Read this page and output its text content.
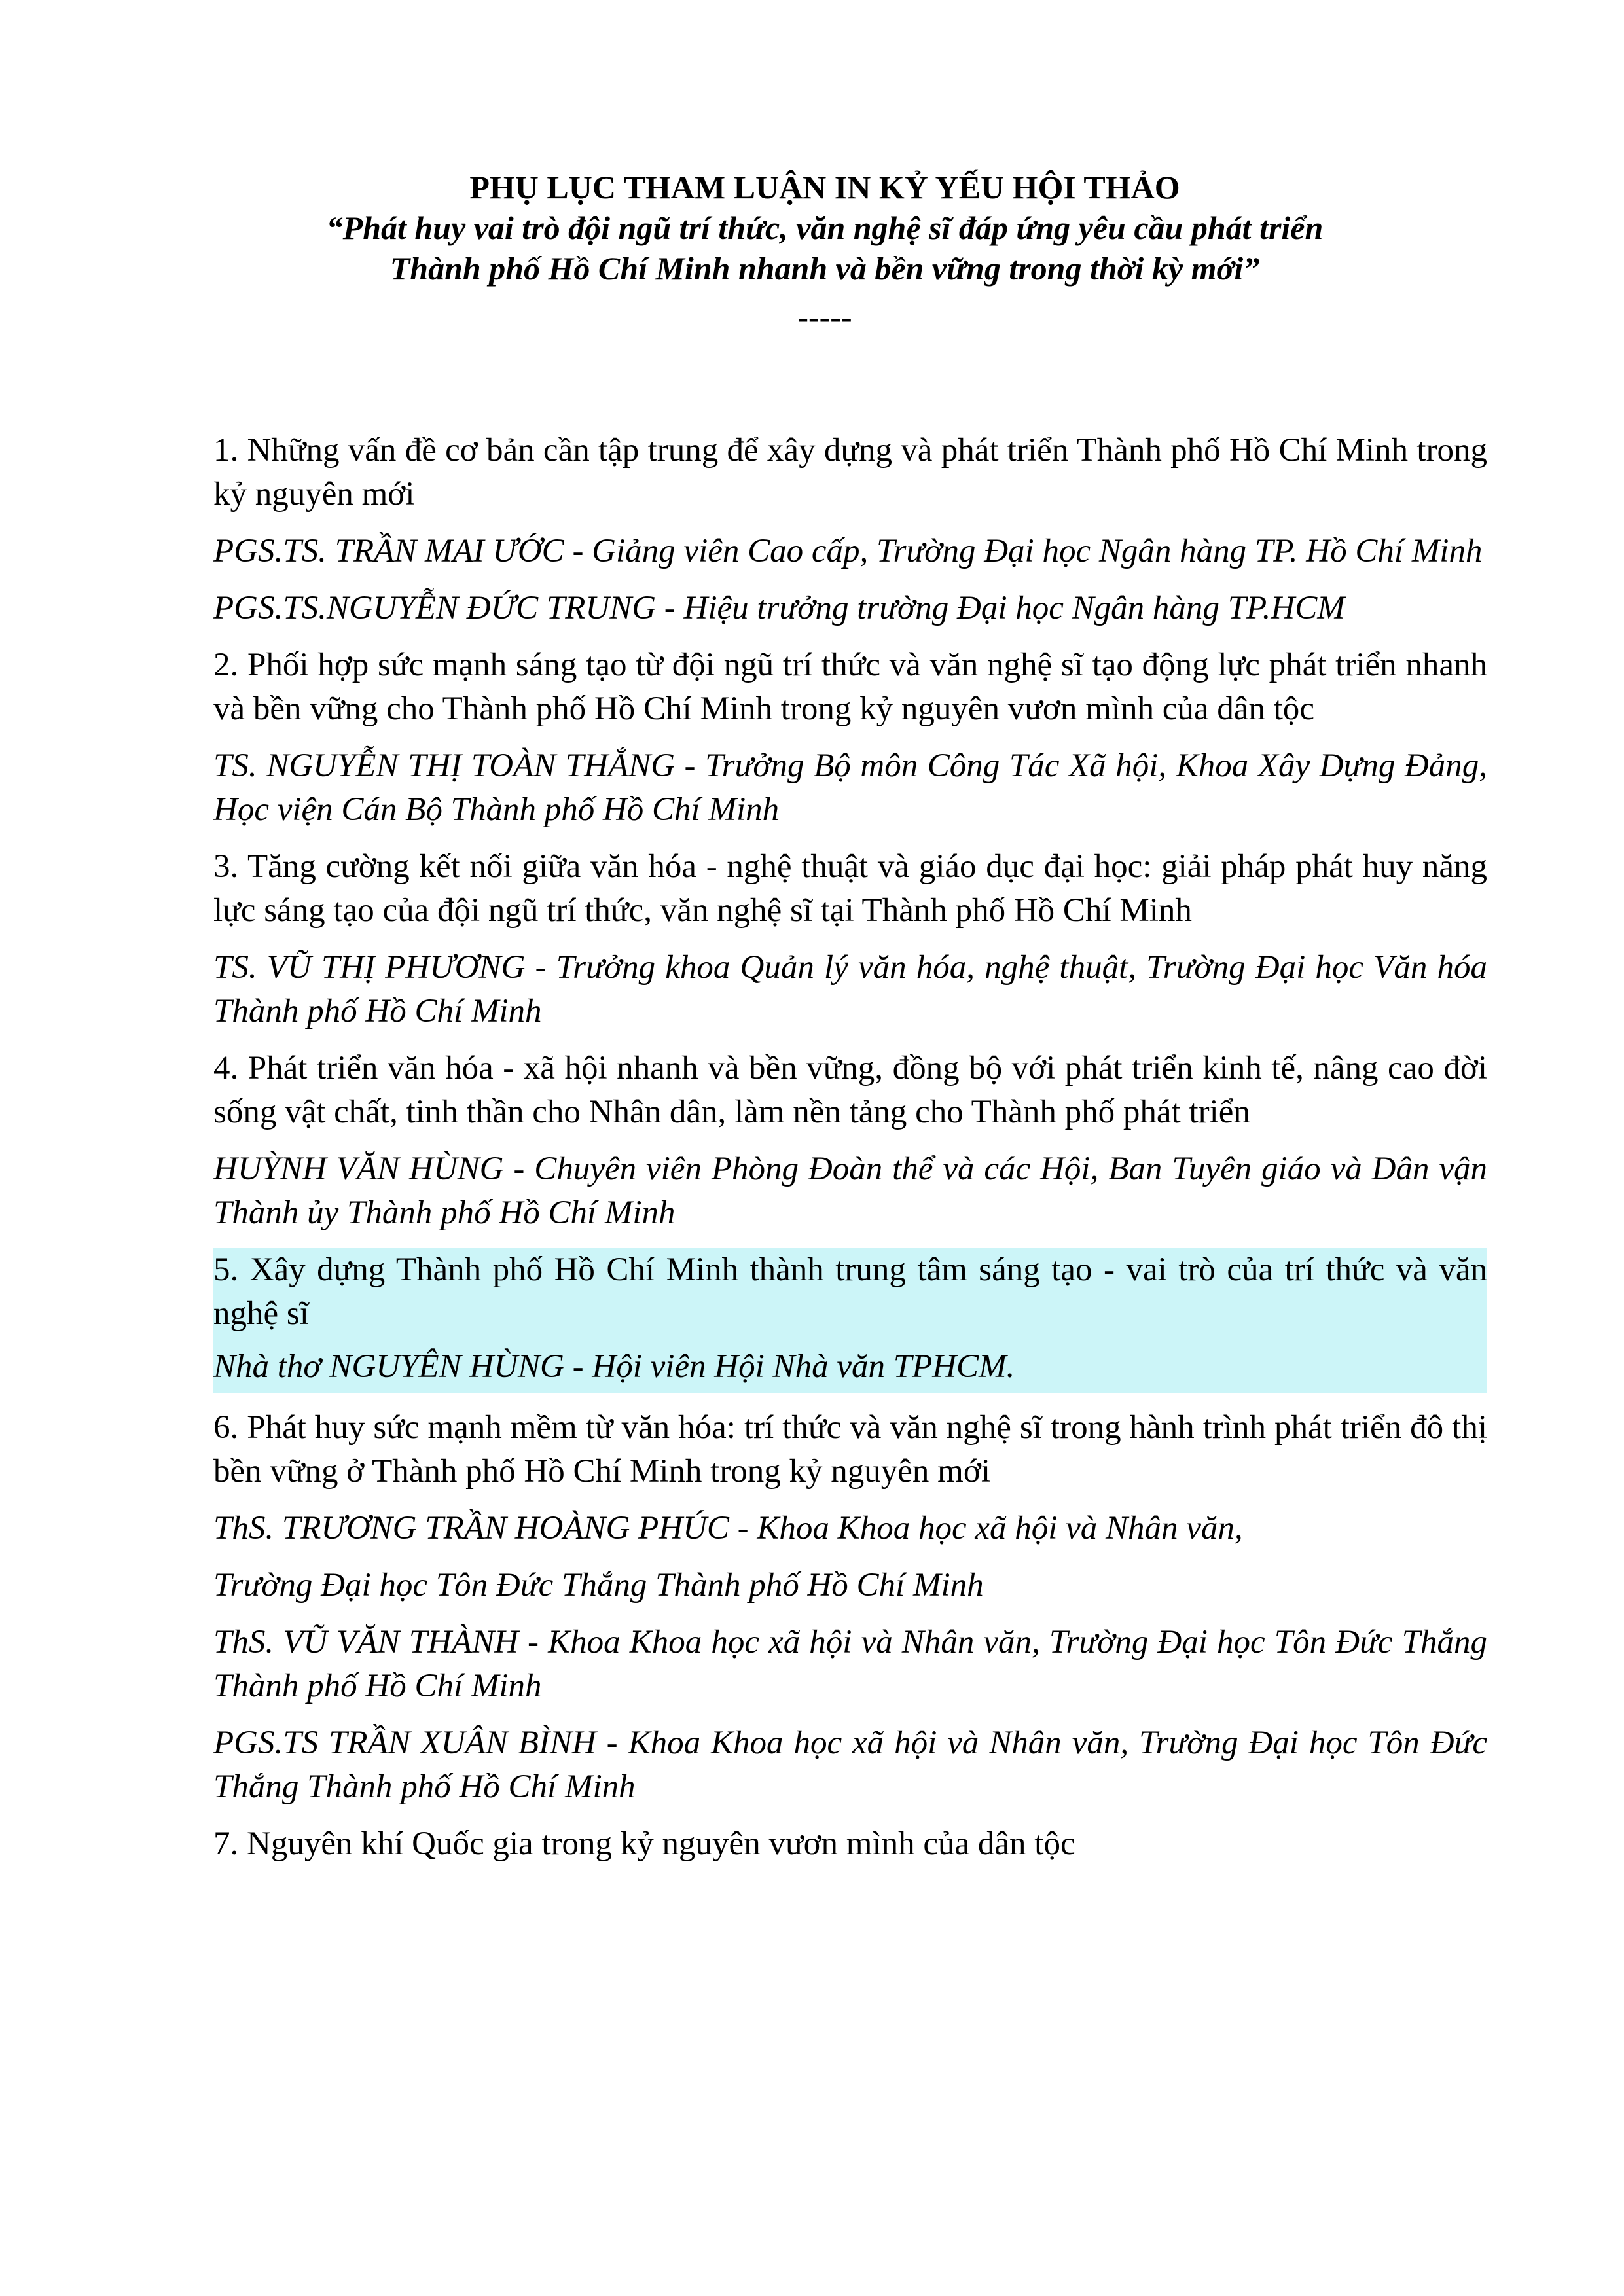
PHỤ LỤC THAM LUẬN IN KỶ YẾU HỘI THẢO
“Phát huy vai trò đội ngũ trí thức, văn nghệ sĩ đáp ứng yêu cầu phát triển
Thành phố Hồ Chí Minh nhanh và bền vững trong thời kỳ mới”
-----

1. Những vấn đề cơ bản cần tập trung để xây dựng và phát triển Thành phố Hồ Chí Minh trong kỷ nguyên mới

PGS.TS. TRẦN MAI ƯỚC - Giảng viên Cao cấp, Trường Đại học Ngân hàng TP. Hồ Chí Minh

PGS.TS.NGUYỄN ĐỨC TRUNG - Hiệu trưởng trường Đại học Ngân hàng TP.HCM

2. Phối hợp sức mạnh sáng tạo từ đội ngũ trí thức và văn nghệ sĩ tạo động lực phát triển nhanh và bền vững cho Thành phố Hồ Chí Minh trong kỷ nguyên vươn mình của dân tộc

TS. NGUYỄN THỊ TOÀN THẮNG - Trưởng Bộ môn Công Tác Xã hội, Khoa Xây Dựng Đảng, Học viện Cán Bộ Thành phố Hồ Chí Minh

3. Tăng cường kết nối giữa văn hóa - nghệ thuật và giáo dục đại học: giải pháp phát huy năng lực sáng tạo của đội ngũ trí thức, văn nghệ sĩ tại Thành phố Hồ Chí Minh

TS. VŨ THỊ PHƯƠNG - Trưởng khoa Quản lý văn hóa, nghệ thuật, Trường Đại học Văn hóa Thành phố Hồ Chí Minh

4. Phát triển văn hóa - xã hội nhanh và bền vững, đồng bộ với phát triển kinh tế, nâng cao đời sống vật chất, tinh thần cho Nhân dân, làm nền tảng cho Thành phố phát triển

HUỲNH VĂN HÙNG - Chuyên viên Phòng Đoàn thể và các Hội, Ban Tuyên giáo và Dân vận Thành ủy Thành phố Hồ Chí Minh

5. Xây dựng Thành phố Hồ Chí Minh thành trung tâm sáng tạo - vai trò của trí thức và văn nghệ sĩ

Nhà thơ NGUYÊN HÙNG - Hội viên Hội Nhà văn TPHCM.

6. Phát huy sức mạnh mềm từ văn hóa: trí thức và văn nghệ sĩ trong hành trình phát triển đô thị bền vững ở Thành phố Hồ Chí Minh trong kỷ nguyên mới

ThS. TRƯƠNG TRẦN HOÀNG PHÚC - Khoa Khoa học xã hội và Nhân văn,

Trường Đại học Tôn Đức Thắng Thành phố Hồ Chí Minh

ThS. VŨ VĂN THÀNH - Khoa Khoa học xã hội và Nhân văn, Trường Đại học Tôn Đức Thắng Thành phố Hồ Chí Minh

PGS.TS TRẦN XUÂN BÌNH - Khoa Khoa học xã hội và Nhân văn, Trường Đại học Tôn Đức Thắng Thành phố Hồ Chí Minh

7. Nguyên khí Quốc gia trong kỷ nguyên vươn mình của dân tộc
